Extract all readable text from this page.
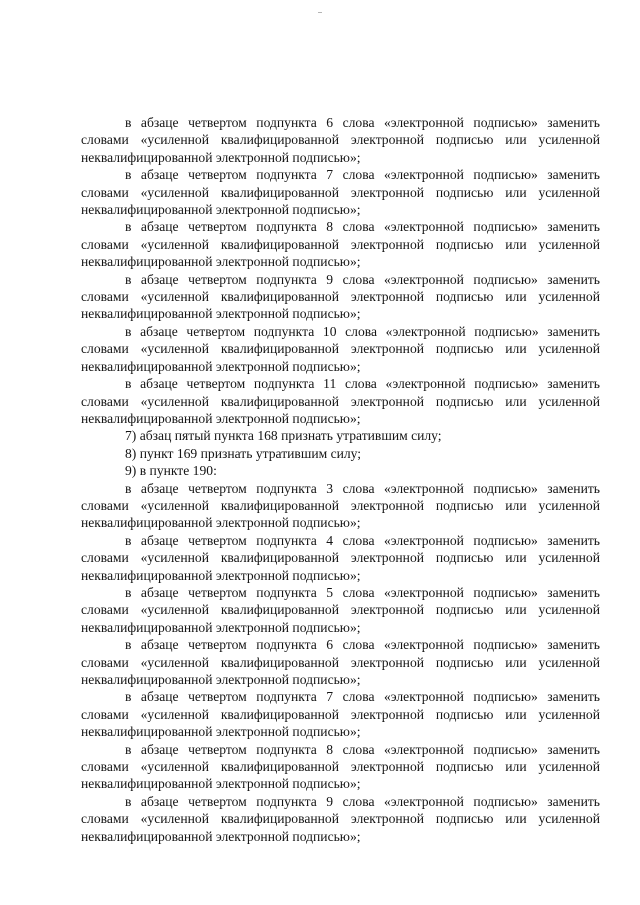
в абзаце четвертом подпункта 6 слова «электронной подписью» заменить словами «усиленной квалифицированной электронной подписью или усиленной неквалифицированной электронной подписью»;

в абзаце четвертом подпункта 7 слова «электронной подписью» заменить словами «усиленной квалифицированной электронной подписью или усиленной неквалифицированной электронной подписью»;

в абзаце четвертом подпункта 8 слова «электронной подписью» заменить словами «усиленной квалифицированной электронной подписью или усиленной неквалифицированной электронной подписью»;

в абзаце четвертом подпункта 9 слова «электронной подписью» заменить словами «усиленной квалифицированной электронной подписью или усиленной неквалифицированной электронной подписью»;

в абзаце четвертом подпункта 10 слова «электронной подписью» заменить словами «усиленной квалифицированной электронной подписью или усиленной неквалифицированной электронной подписью»;

в абзаце четвертом подпункта 11 слова «электронной подписью» заменить словами «усиленной квалифицированной электронной подписью или усиленной неквалифицированной электронной подписью»;

7) абзац пятый пункта 168 признать утратившим силу;

8) пункт 169 признать утратившим силу;

9) в пункте 190:

в абзаце четвертом подпункта 3 слова «электронной подписью» заменить словами «усиленной квалифицированной электронной подписью или усиленной неквалифицированной электронной подписью»;

в абзаце четвертом подпункта 4 слова «электронной подписью» заменить словами «усиленной квалифицированной электронной подписью или усиленной неквалифицированной электронной подписью»;

в абзаце четвертом подпункта 5 слова «электронной подписью» заменить словами «усиленной квалифицированной электронной подписью или усиленной неквалифицированной электронной подписью»;

в абзаце четвертом подпункта 6 слова «электронной подписью» заменить словами «усиленной квалифицированной электронной подписью или усиленной неквалифицированной электронной подписью»;

в абзаце четвертом подпункта 7 слова «электронной подписью» заменить словами «усиленной квалифицированной электронной подписью или усиленной неквалифицированной электронной подписью»;

в абзаце четвертом подпункта 8 слова «электронной подписью» заменить словами «усиленной квалифицированной электронной подписью или усиленной неквалифицированной электронной подписью»;

в абзаце четвертом подпункта 9 слова «электронной подписью» заменить словами «усиленной квалифицированной электронной подписью или усиленной неквалифицированной электронной подписью»;
